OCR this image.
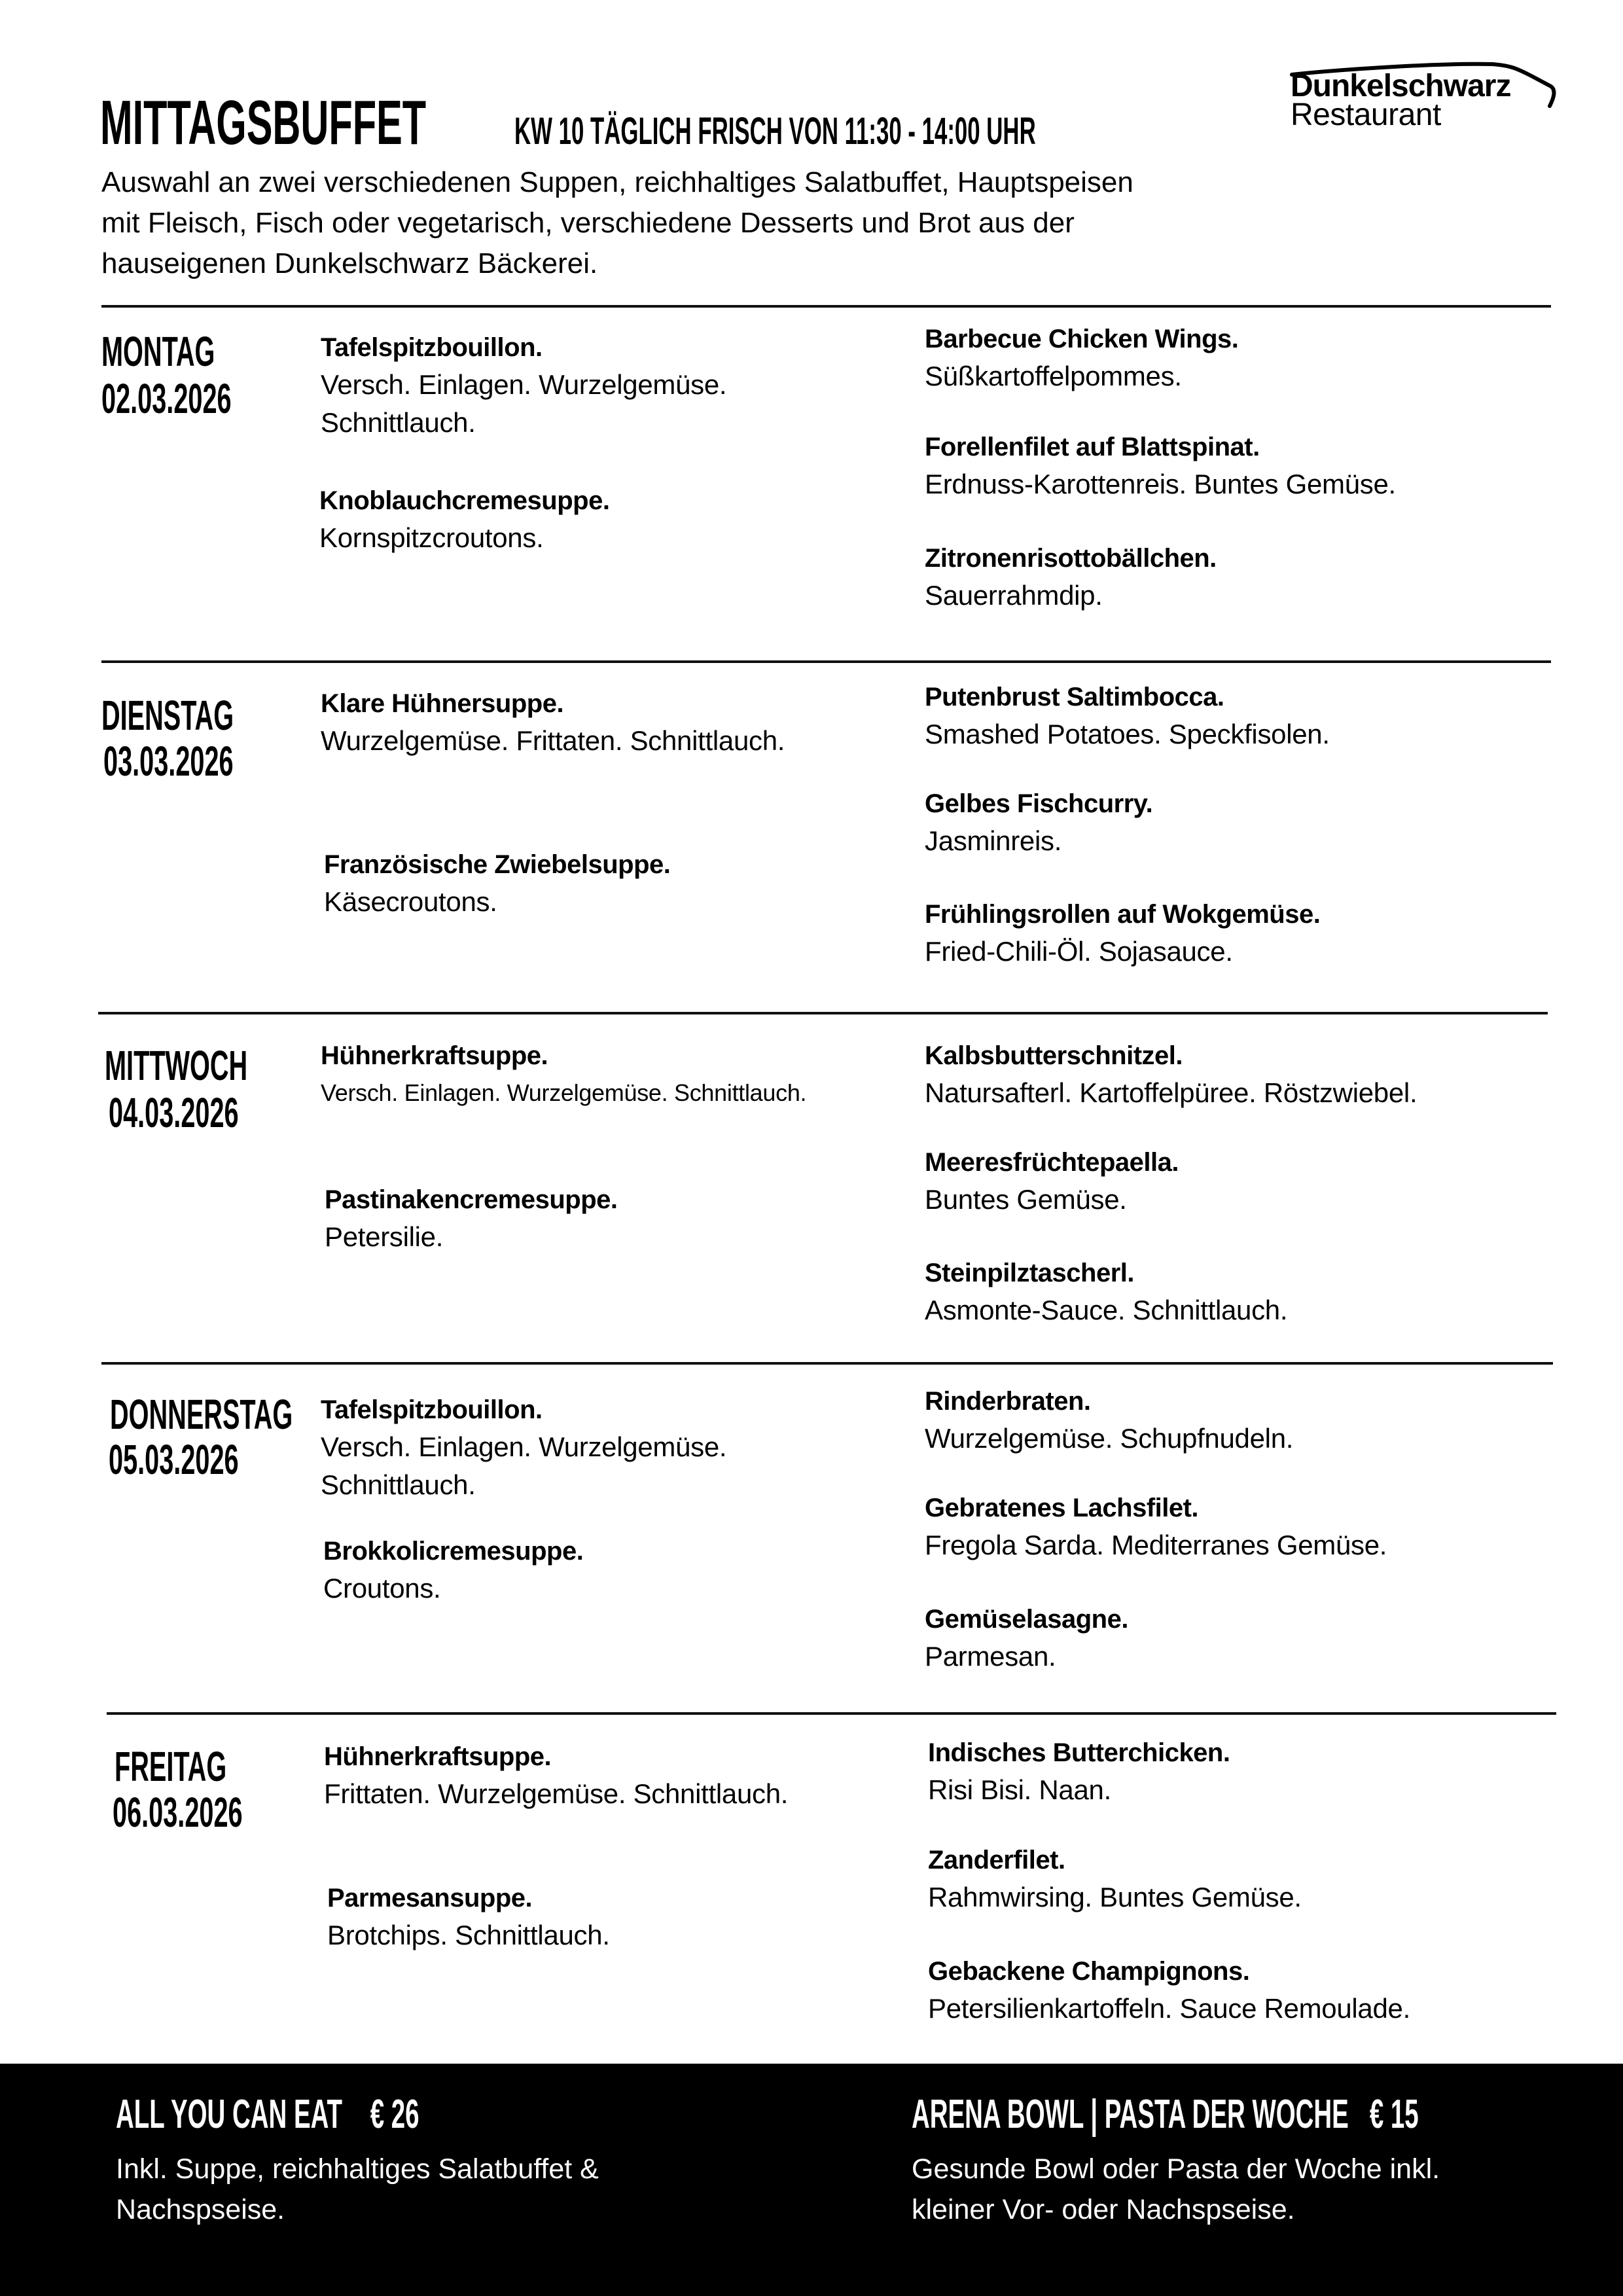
MITTAGSBUFFET KW 10 TÄGLICH FRISCH VON 11:30 - 14:00 UHR
Auswahl an zwei verschiedenen Suppen, reichhaltiges Salatbuffet, Hauptspeisen
mit Fleisch, Fisch oder vegetarisch, verschiedene Desserts und Brot aus der
hauseigenen Dunkelschwarz Bäckerei.
Dunkelschwarz
Restaurant
MONTAG
02.03.2026
Tafelspitzbouillon.
Versch. Einlagen. Wurzelgemüse.
Schnittlauch.
Knoblauchcremesuppe.
Kornspitzcroutons.
Barbecue Chicken Wings.
Süßkartoffelpommes.
Forellenfilet auf Blattspinat.
Erdnuss-Karottenreis. Buntes Gemüse.
Zitronenrisottobällchen.
Sauerrahmdip.
DIENSTAG
03.03.2026
Klare Hühnersuppe.
Wurzelgemüse. Frittaten. Schnittlauch.
Französische Zwiebelsuppe.
Käsecroutons.
Putenbrust Saltimbocca.
Smashed Potatoes. Speckfisolen.
Gelbes Fischcurry.
Jasminreis.
Frühlingsrollen auf Wokgemüse.
Fried-Chili-Öl. Sojasauce.
MITTWOCH
04.03.2026
Hühnerkraftsuppe.
Versch. Einlagen. Wurzelgemüse. Schnittlauch.
Pastinakencremesuppe.
Petersilie.
Kalbsbutterschnitzel.
Natursafterl. Kartoffelpüree. Röstzwiebel.
Meeresfrüchtepaella.
Buntes Gemüse.
Steinpilztascherl.
Asmonte-Sauce. Schnittlauch.
DONNERSTAG
05.03.2026
Tafelspitzbouillon.
Versch. Einlagen. Wurzelgemüse.
Schnittlauch.
Brokkolicremesuppe.
Croutons.
Rinderbraten.
Wurzelgemüse. Schupfnudeln.
Gebratenes Lachsfilet.
Fregola Sarda. Mediterranes Gemüse.
Gemüselasagne.
Parmesan.
FREITAG
06.03.2026
Hühnerkraftsuppe.
Frittaten. Wurzelgemüse. Schnittlauch.
Parmesansuppe.
Brotchips. Schnittlauch.
Indisches Butterchicken.
Risi Bisi. Naan.
Zanderfilet.
Rahmwirsing. Buntes Gemüse.
Gebackene Champignons.
Petersilienkartoffeln. Sauce Remoulade.
ALL YOU CAN EAT    € 26
Inkl. Suppe, reichhaltiges Salatbuffet &
Nachspseise.
ARENA BOWL | PASTA DER WOCHE   € 15
Gesunde Bowl oder Pasta der Woche inkl.
kleiner Vor- oder Nachspseise.
